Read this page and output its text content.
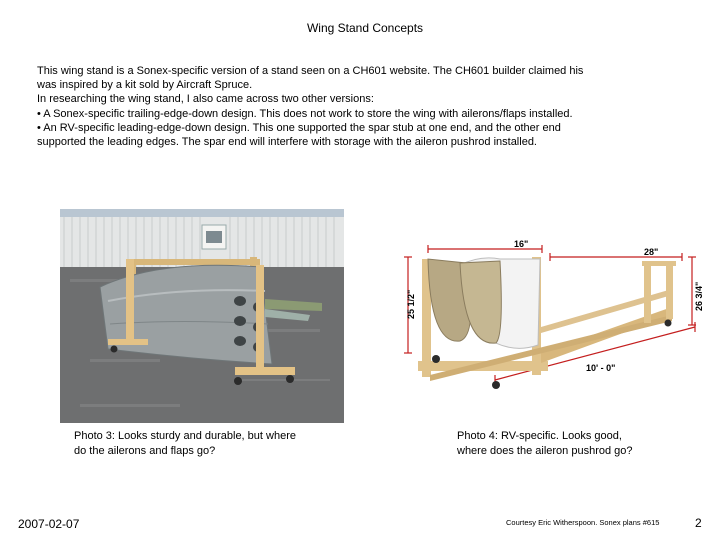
Wing Stand Concepts
This wing stand is a Sonex-specific version of a stand seen on a CH601 website. The CH601 builder claimed his
was inspired by a kit sold by Aircraft Spruce.
In researching the wing stand, I also came across two other versions:
• A Sonex-specific trailing-edge-down design. This does not work to store the wing with ailerons/flaps installed.
• An RV-specific leading-edge-down design. This one supported the spar stub at one end, and the other end
supported the leading edges. The spar end will interfere with storage with the aileron pushrod installed.
16"
28"
25 1/2"	26 3/4"
10' - 0"
Photo 3: Looks sturdy and durable, but where
do the ailerons and flaps go?
Photo 4: RV-specific. Looks good,
where does the aileron pushrod go?
2007-02-07	Courtesy Eric Witherspoon. Sonex plans #615	2
